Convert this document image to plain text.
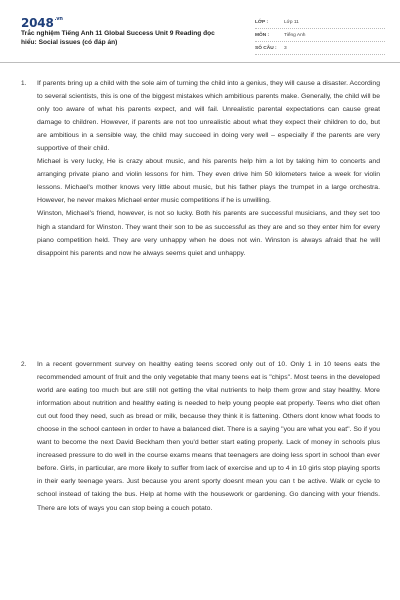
$2048^{.vn}$
Trắc nghiệm Tiếng Anh 11 Global Success Unit 9 Reading đọc hiểu: Social issues (có đáp án)
LỚP :	Lớp 11
MÔN :	Tiếng Anh
SỐ CÂU :	3
1. If parents bring up a child with the sole aim of turning the child into a genius, they will cause a disaster. According to several scientists, this is one of the biggest mistakes which ambitious parents make. Generally, the child will be only too aware of what his parents expect, and will fail. Unrealistic parental expectations can cause great damage to children. However, if parents are not too unrealistic about what they expect their children to do, but are ambitious in a sensible way, the child may succeed in doing very well – especially if the parents are very supportive of their child.

Michael is very lucky, He is crazy about music, and his parents help him a lot by taking him to concerts and arranging private piano and violin lessons for him. They even drive him 50 kilometers twice a week for violin lessons. Michael's mother knows very little about music, but his father plays the trumpet in a large orchestra. However, he never makes Michael enter music competitions if he is unwilling.

Winston, Michael's friend, however, is not so lucky. Both his parents are successful musicians, and they set too high a standard for Winston. They want their son to be as successful as they are and so they enter him for every piano competition held. They are very unhappy when he does not win. Winston is always afraid that he will disappoint his parents and now he always seems quiet and unhappy.

2. In a recent government survey on healthy eating teens scored only out of 10. Only 1 in 10 teens eats the recommended amount of fruit and the only vegetable that many teens eat is "chips". Most teens in the developed world are eating too much but are still not getting the vital nutrients to help them grow and stay healthy. More information about nutrition and healthy eating is needed to help young people eat properly. Teens who diet often cut out food they need, such as bread or milk, because they think it is fattening. Others dont know what foods to choose in the school canteen in order to have a balanced diet. There is a saying "you are what you eat". So if you want to become the next David Beckham then you'd better start eating properly. Lack of money in schools plus increased pressure to do well in the course exams means that teenagers are doing less sport in school than ever before. Girls, in particular, are more likely to suffer from lack of exercise and up to 4 in 10 girls stop playing sports in their early teenage years. Just because you arent sporty doesnt mean you can t be active. Walk or cycle to school instead of taking the bus. Help at home with the housework or gardening. Go dancing with your friends. There are lots of ways you can stop being a couch potato.
